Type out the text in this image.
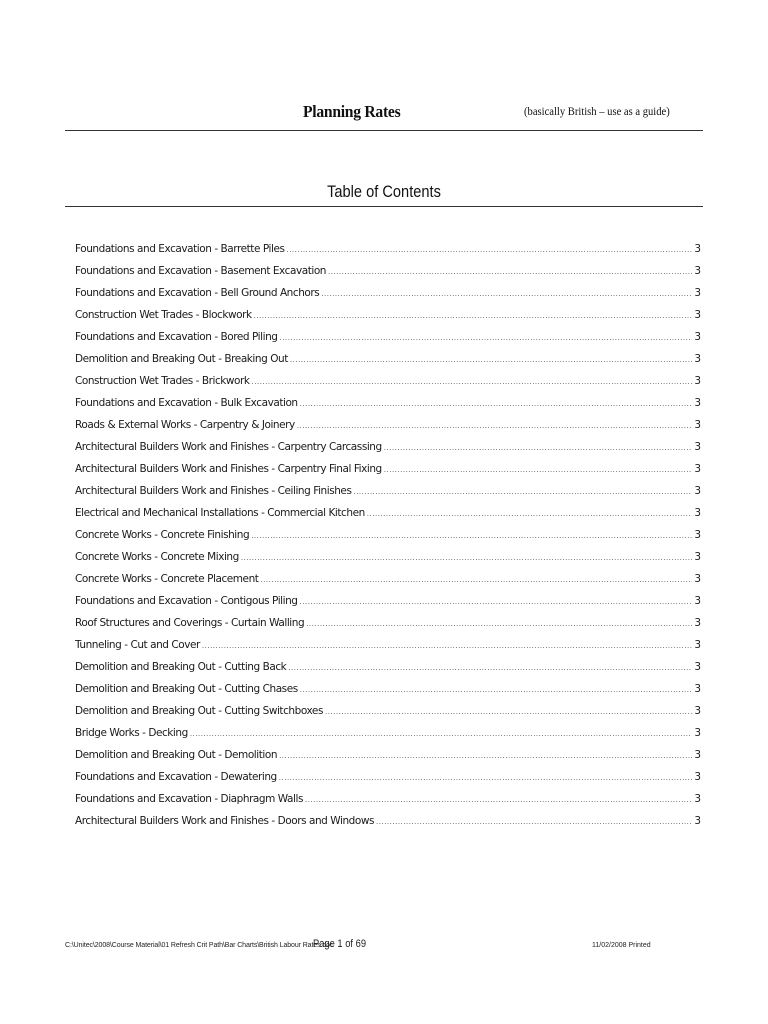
Planning Rates	(basically British – use as a guide)
Table of Contents
Foundations and Excavation - Barrette Piles .....	3
Foundations and Excavation - Basement Excavation .....	3
Foundations and Excavation - Bell Ground Anchors .....	3
Construction Wet Trades - Blockwork .....	3
Foundations and Excavation - Bored Piling .....	3
Demolition and Breaking Out - Breaking Out .....	3
Construction Wet Trades - Brickwork .....	3
Foundations and Excavation - Bulk Excavation .....	3
Roads & External Works - Carpentry & Joinery .....	3
Architectural Builders Work and Finishes - Carpentry Carcassing .....	3
Architectural Builders Work and Finishes - Carpentry Final Fixing .....	3
Architectural Builders Work and Finishes - Ceiling Finishes .....	3
Electrical and Mechanical Installations - Commercial Kitchen .....	3
Concrete Works - Concrete Finishing .....	3
Concrete Works - Concrete Mixing .....	3
Concrete Works - Concrete Placement .....	3
Foundations and Excavation - Contigous Piling .....	3
Roof Structures and Coverings - Curtain Walling .....	3
Tunneling - Cut and Cover .....	3
Demolition and Breaking Out - Cutting Back .....	3
Demolition and Breaking Out - Cutting Chases .....	3
Demolition and Breaking Out - Cutting Switchboxes .....	3
Bridge Works - Decking .....	3
Demolition and Breaking Out - Demolition .....	3
Foundations and Excavation - Dewatering .....	3
Foundations and Excavation - Diaphragm Walls .....	3
Architectural Builders Work and Finishes - Doors and Windows .....	3
C:\Unitec\2008\Course Material\01 Refresh Crit Path\Bar Charts\British Labour Rates.doc
Page 1 of 69	11/02/2008 Printed
